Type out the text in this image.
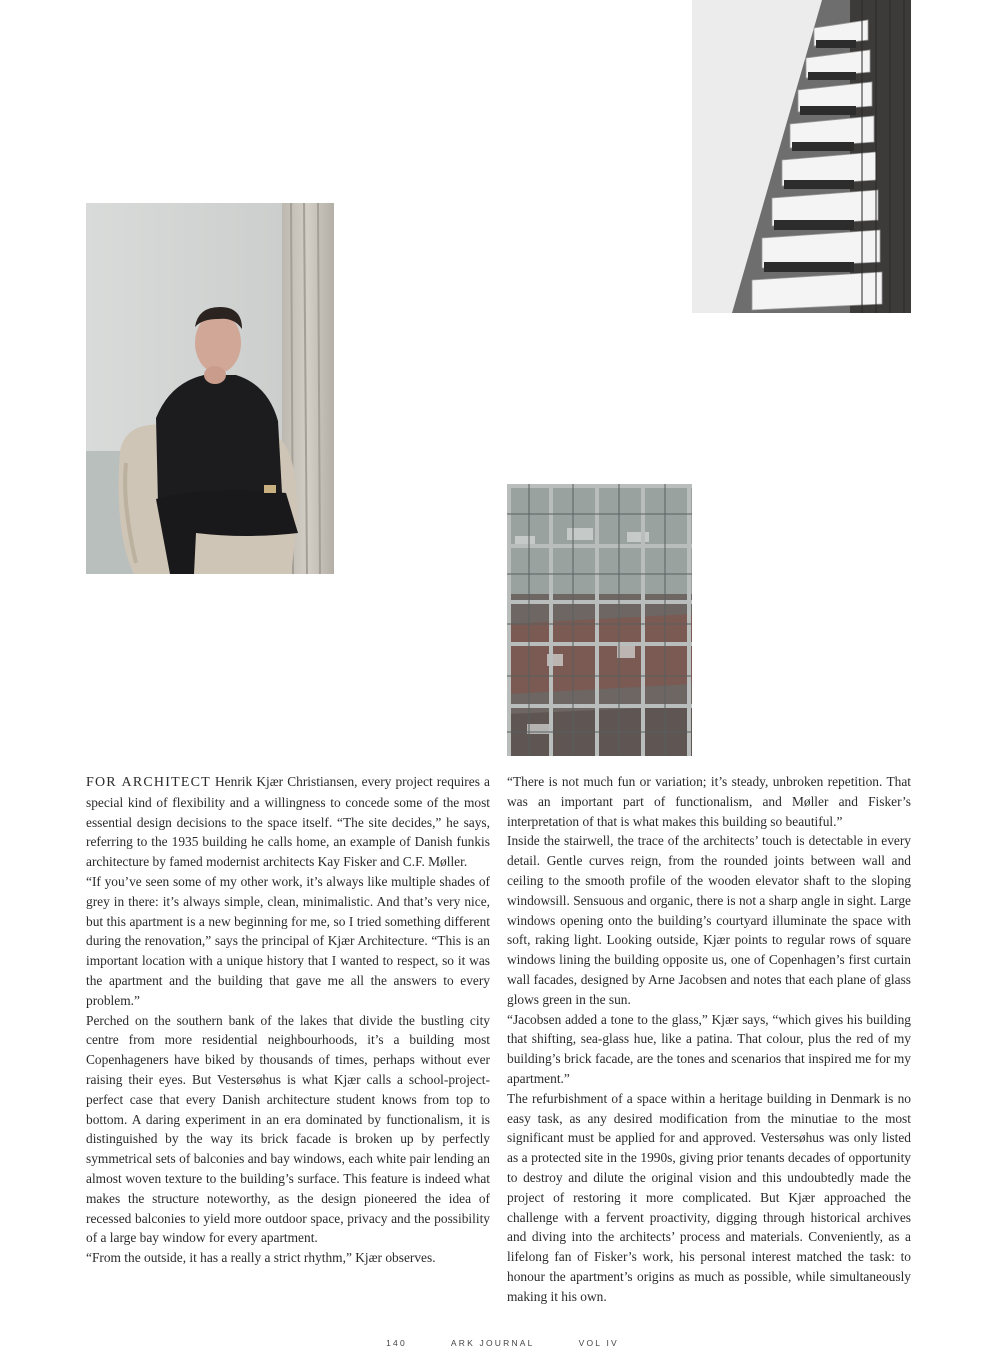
FOR ARCHITECT Henrik Kjær Christiansen, every project requires a special kind of flexibility and a willingness to concede some of the most essential design decisions to the space itself. “The site decides,” he says, referring to the 1935 building he calls home, an example of Danish funkis architecture by famed modernist architects Kay Fisker and C.F. Møller.

“If you’ve seen some of my other work, it’s always like multiple shades of grey in there: it’s always simple, clean, minimalistic. And that’s very nice, but this apartment is a new beginning for me, so I tried something different during the renovation,” says the principal of Kjær Architecture. “This is an important location with a unique history that I wanted to respect, so it was the apartment and the building that gave me all the answers to every problem.”

Perched on the southern bank of the lakes that divide the bustling city centre from more residential neighbourhoods, it’s a building most Copenhageners have biked by thousands of times, perhaps without ever raising their eyes. But Vestersøhus is what Kjær calls a school-project-perfect case that every Danish architecture student knows from top to bottom. A daring experiment in an era dominated by functionalism, it is distinguished by the way its brick facade is broken up by perfectly symmetrical sets of balconies and bay windows, each white pair lending an almost woven texture to the building’s surface. This feature is indeed what makes the structure noteworthy, as the design pioneered the idea of recessed balconies to yield more outdoor space, privacy and the possibility of a large bay window for every apartment.

“From the outside, it has a really a strict rhythm,” Kjær observes.

“There is not much fun or variation; it’s steady, unbroken repetition. That was an important part of functionalism, and Møller and Fisker’s interpretation of that is what makes this building so beautiful.”

Inside the stairwell, the trace of the architects’ touch is detectable in every detail. Gentle curves reign, from the rounded joints between wall and ceiling to the smooth profile of the wooden elevator shaft to the sloping windowsill. Sensuous and organic, there is not a sharp angle in sight. Large windows opening onto the building’s courtyard illuminate the space with soft, raking light. Looking outside, Kjær points to regular rows of square windows lining the building opposite us, one of Copenhagen’s first curtain wall facades, designed by Arne Jacobsen and notes that each plane of glass glows green in the sun.

“Jacobsen added a tone to the glass,” Kjær says, “which gives his building that shifting, sea-glass hue, like a patina. That colour, plus the red of my building’s brick facade, are the tones and scenarios that inspired me for my apartment.”

The refurbishment of a space within a heritage building in Denmark is no easy task, as any desired modification from the minutiae to the most significant must be applied for and approved. Vestersøhus was only listed as a protected site in the 1990s, giving prior tenants decades of opportunity to destroy and dilute the original vision and this undoubtedly made the project of restoring it more complicated. But Kjær approached the challenge with a fervent proactivity, digging through historical archives and diving into the architects’ process and materials. Conveniently, as a lifelong fan of Fisker’s work, his personal interest matched the task: to honour the apartment’s origins as much as possible, while simultaneously making it his own.

140	ARK JOURNAL	VOL IV
